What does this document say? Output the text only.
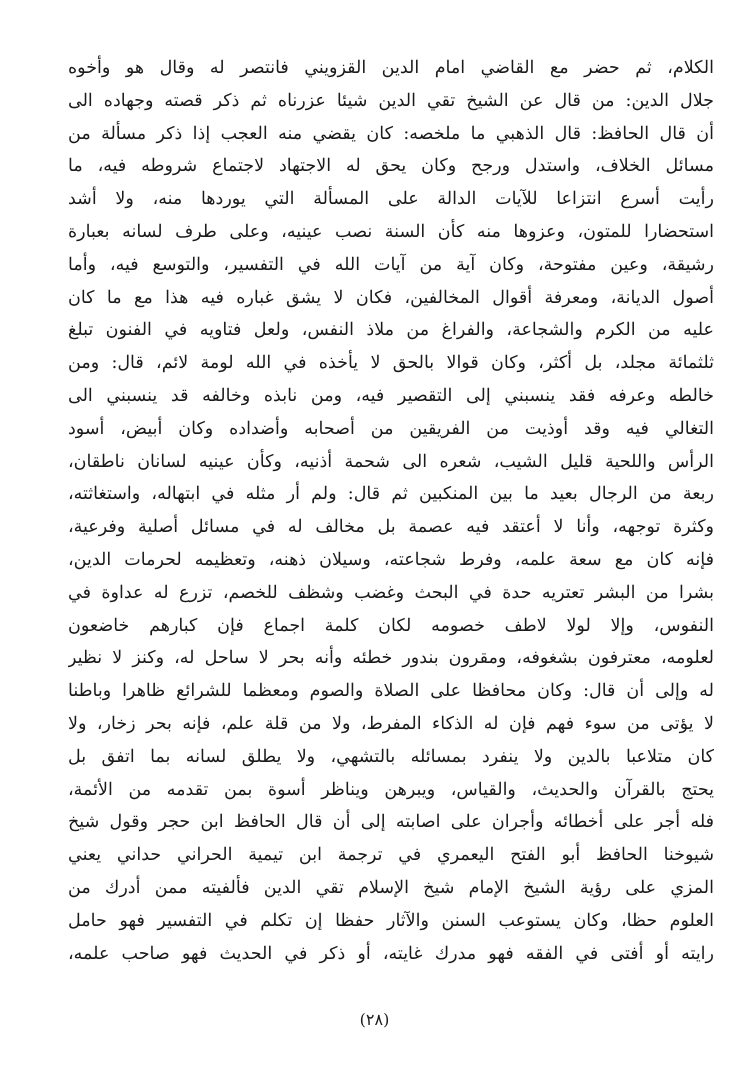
الكلام، ثم حضر مع القاضي امام الدين القزويني فانتصر له وقال هو وأخوه
جلال الدين: من قال عن الشيخ تقي الدين شيئا عزرناه ثم ذكر قصته وجهاده الى
أن قال الحافظ: قال الذهبي ما ملخصه: كان يقضي منه العجب إذا ذكر مسألة من
مسائل الخلاف، واستدل ورجح وكان يحق له الاجتهاد لاجتماع شروطه فيه، ما
رأيت أسرع انتزاعا للآيات الدالة على المسألة التي يوردها منه، ولا أشد
استحضارا للمتون، وعزوها منه كأن السنة نصب عينيه، وعلى طرف لسانه بعبارة
رشيقة، وعين مفتوحة، وكان آية من آيات الله في التفسير، والتوسع فيه، وأما
أصول الديانة، ومعرفة أقوال المخالفين، فكان لا يشق غباره فيه هذا مع ما كان
عليه من الكرم والشجاعة، والفراغ من ملاذ النفس، ولعل فتاويه في الفنون تبلغ
ثلثمائة مجلد، بل أكثر، وكان قوالا بالحق لا يأخذه في الله لومة لائم، قال: ومن
خالطه وعرفه فقد ينسبني إلى التقصير فيه، ومن نابذه وخالفه قد ينسبني الى
التغالي فيه وقد أوذيت من الفريقين من أصحابه وأضداده وكان أبيض، أسود
الرأس واللحية قليل الشيب، شعره الى شحمة أذنيه، وكأن عينيه لسانان ناطقان،
ربعة من الرجال بعيد ما بين المنكبين ثم قال: ولم أر مثله في ابتهاله، واستغاثته،
وكثرة توجهه، وأنا لا أعتقد فيه عصمة بل مخالف له في مسائل أصلية وفرعية،
فإنه كان مع سعة علمه، وفرط شجاعته، وسيلان ذهنه، وتعظيمه لحرمات الدين،
بشرا من البشر تعتريه حدة في البحث وغضب وشظف للخصم، تزرع له عداوة في
النفوس، وإلا لولا لاطف خصومه لكان كلمة اجماع فإن كبارهم خاضعون
لعلومه، معترفون بشغوفه، ومقرون بندور خطئه وأنه بحر لا ساحل له، وكنز لا نظير
له وإلى أن قال: وكان محافظا على الصلاة والصوم ومعظما للشرائع ظاهرا وباطنا
لا يؤتى من سوء فهم فإن له الذكاء المفرط، ولا من قلة علم، فإنه بحر زخار، ولا
كان متلاعبا بالدين ولا ينفرد بمسائله بالتشهي، ولا يطلق لسانه بما اتفق بل
يحتج بالقرآن والحديث، والقياس، ويبرهن ويناظر أسوة بمن تقدمه من الأئمة،
فله أجر على أخطائه وأجران على اصابته إلى أن قال الحافظ ابن حجر وقول شيخ
شيوخنا الحافظ أبو الفتح اليعمري في ترجمة ابن تيمية الحراني حداني يعني
المزي على رؤية الشيخ الإمام شيخ الإسلام تقي الدين فألفيته ممن أدرك من
العلوم حظا، وكان يستوعب السنن والآثار حفظا إن تكلم في التفسير فهو حامل
رايته أو أفتى في الفقه فهو مدرك غايته، أو ذكر في الحديث فهو صاحب علمه،
(٢٨)
